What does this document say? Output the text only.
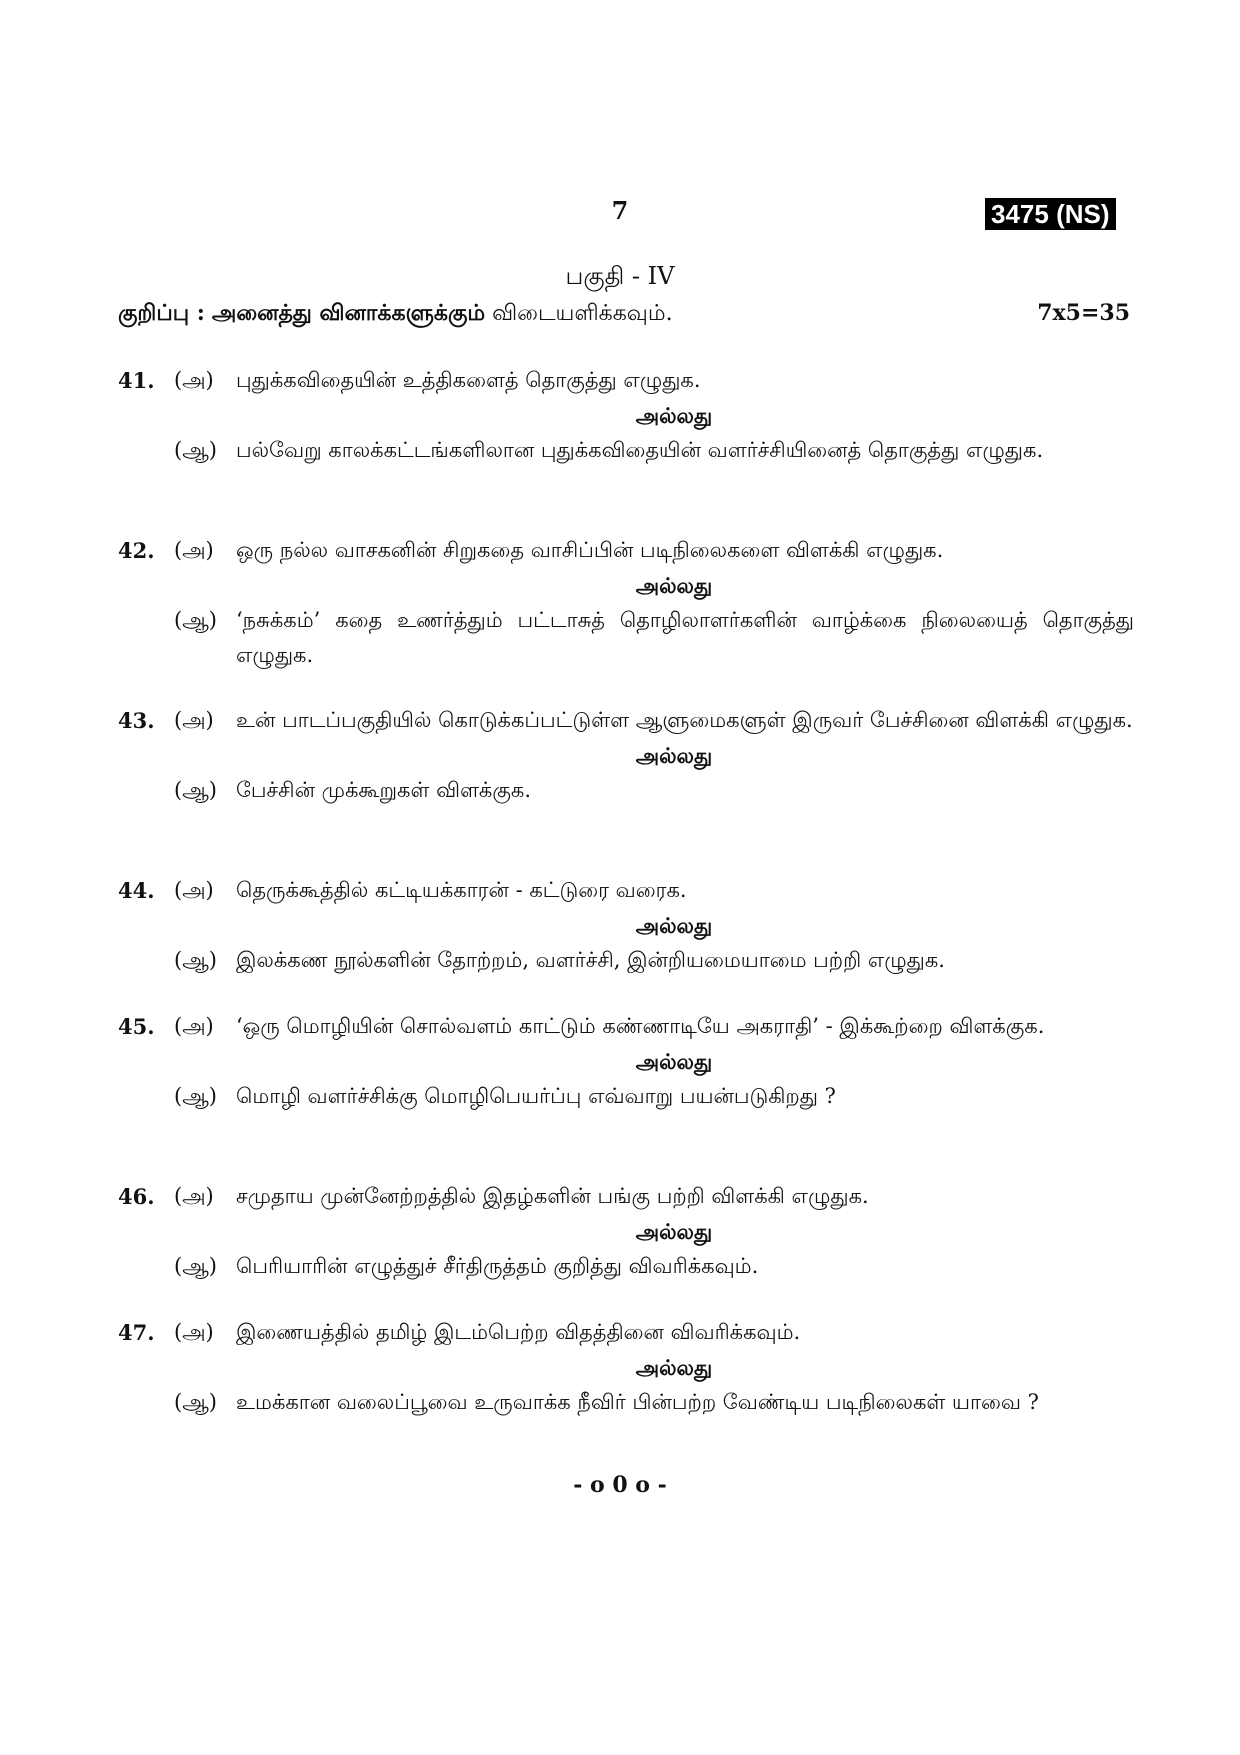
7	3475 (NS)
பகுதி - IV
குறிப்பு : அனைத்து வினாக்களுக்கும் விடையளிக்கவும்.	7x5=35
41. (அ) புதுக்கவிதையின் உத்திகளைத் தொகுத்து எழுதுக.
அல்லது
(ஆ) பல்வேறு காலக்கட்டங்களிலான புதுக்கவிதையின் வளர்ச்சியினைத் தொகுத்து எழுதுக.
42. (அ) ஒரு நல்ல வாசகனின் சிறுகதை வாசிப்பின் படிநிலைகளை விளக்கி எழுதுக.
அல்லது
(ஆ) ‘நசுக்கம்’ கதை உணர்த்தும் பட்டாசுத் தொழிலாளர்களின் வாழ்க்கை நிலையைத் தொகுத்து எழுதுக.
43. (அ) உன் பாடப்பகுதியில் கொடுக்கப்பட்டுள்ள ஆளுமைகளுள் இருவர் பேச்சினை விளக்கி எழுதுக.
அல்லது
(ஆ) பேச்சின் முக்கூறுகள் விளக்குக.
44. (அ) தெருக்கூத்தில் கட்டியக்காரன் - கட்டுரை வரைக.
அல்லது
(ஆ) இலக்கண நூல்களின் தோற்றம், வளர்ச்சி, இன்றியமையாமை பற்றி எழுதுக.
45. (அ) ‘ஒரு மொழியின் சொல்வளம் காட்டும் கண்ணாடியே அகராதி’ - இக்கூற்றை விளக்குக.
அல்லது
(ஆ) மொழி வளர்ச்சிக்கு மொழிபெயர்ப்பு எவ்வாறு பயன்படுகிறது ?
46. (அ) சமுதாய முன்னேற்றத்தில் இதழ்களின் பங்கு பற்றி விளக்கி எழுதுக.
அல்லது
(ஆ) பெரியாரின் எழுத்துச் சீர்திருத்தம் குறித்து விவரிக்கவும்.
47. (அ) இணையத்தில் தமிழ் இடம்பெற்ற விதத்தினை விவரிக்கவும்.
அல்லது
(ஆ) உமக்கான வலைப்பூவை உருவாக்க நீவிர் பின்பற்ற வேண்டிய படிநிலைகள் யாவை ?
- o 0 o -
